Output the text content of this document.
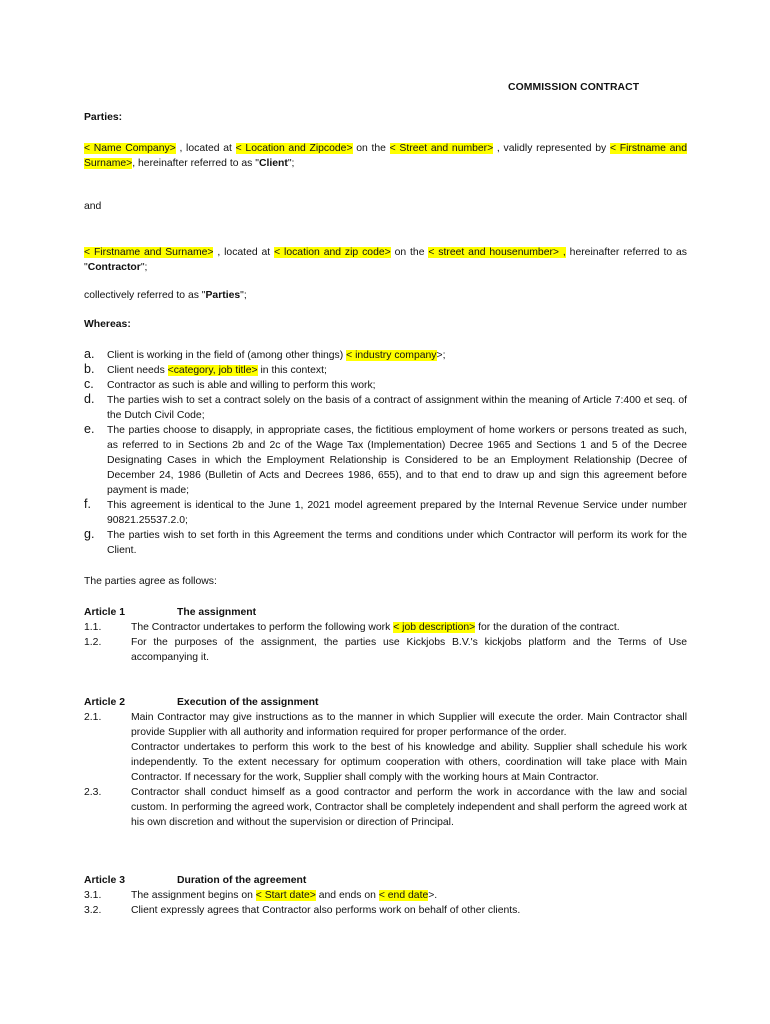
COMMISSION CONTRACT
Parties:
< Name Company> , located at < Location and Zipcode> on the < Street and number> , validly represented by < Firstname and Surname>, hereinafter referred to as "Client";
and
< Firstname and Surname> , located at < location and zip code> on the < street and housenumber> , hereinafter referred to as "Contractor";
collectively referred to as "Parties";
Whereas:
a. Client is working in the field of (among other things) < industry company>;
b. Client needs <category, job title> in this context;
c. Contractor as such is able and willing to perform this work;
d. The parties wish to set a contract solely on the basis of a contract of assignment within the meaning of Article 7:400 et seq. of the Dutch Civil Code;
e. The parties choose to disapply, in appropriate cases, the fictitious employment of home workers or persons treated as such, as referred to in Sections 2b and 2c of the Wage Tax (Implementation) Decree 1965 and Sections 1 and 5 of the Decree Designating Cases in which the Employment Relationship is Considered to be an Employment Relationship (Decree of December 24, 1986 (Bulletin of Acts and Decrees 1986, 655), and to that end to draw up and sign this agreement before payment is made;
f. This agreement is identical to the June 1, 2021 model agreement prepared by the Internal Revenue Service under number 90821.25537.2.0;
g. The parties wish to set forth in this Agreement the terms and conditions under which Contractor will perform its work for the Client.
The parties agree as follows:
Article 1	The assignment
1.1.	The Contractor undertakes to perform the following work < job description> for the duration of the contract.
1.2.	For the purposes of the assignment, the parties use Kickjobs B.V.'s kickjobs platform and the Terms of Use accompanying it.
Article 2	Execution of the assignment
2.1.	Main Contractor may give instructions as to the manner in which Supplier will execute the order. Main Contractor shall provide Supplier with all authority and information required for proper performance of the order.
Contractor undertakes to perform this work to the best of his knowledge and ability. Supplier shall schedule his work independently. To the extent necessary for optimum cooperation with others, coordination will take place with Main Contractor. If necessary for the work, Supplier shall comply with the working hours at Main Contractor.
2.3.	Contractor shall conduct himself as a good contractor and perform the work in accordance with the law and social custom. In performing the agreed work, Contractor shall be completely independent and shall perform the agreed work at his own discretion and without the supervision or direction of Principal.
Article 3	Duration of the agreement
3.1.	The assignment begins on < Start date> and ends on < end date>.
3.2.	Client expressly agrees that Contractor also performs work on behalf of other clients.
